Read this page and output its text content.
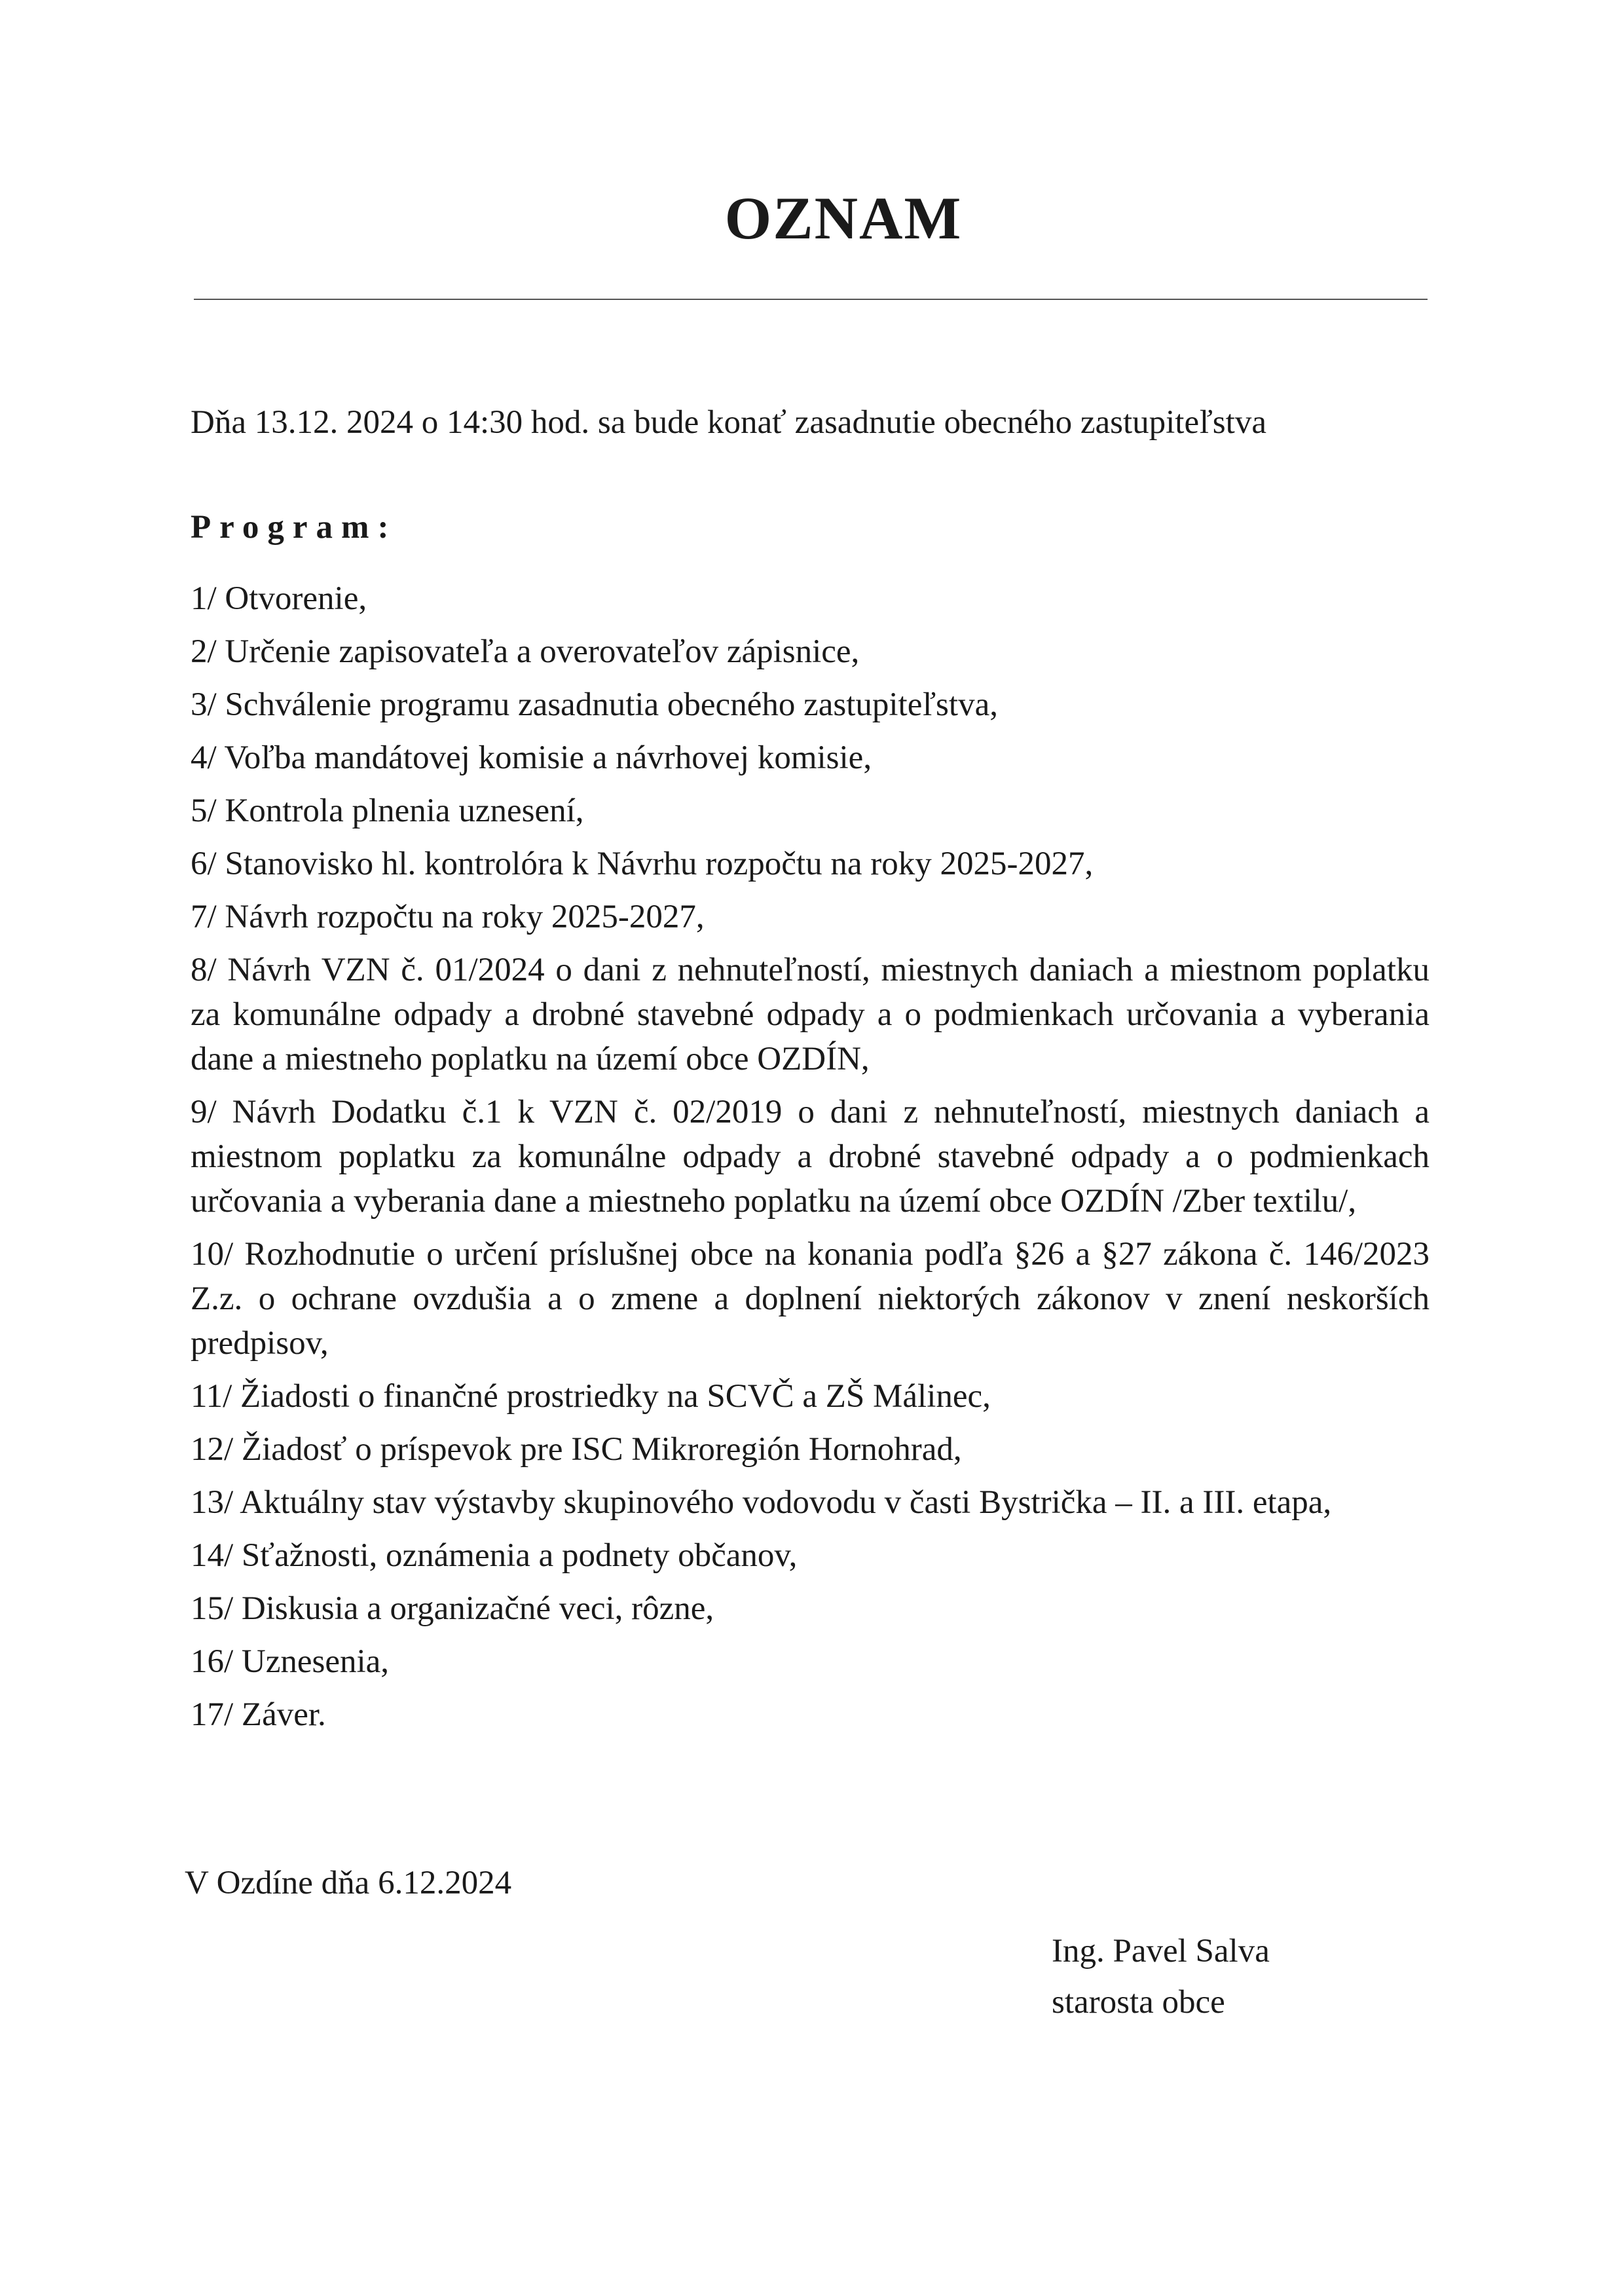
OZNAM
Dňa 13.12. 2024 o 14:30 hod. sa bude konať zasadnutie obecného zastupiteľstva
Program:
1/ Otvorenie,
2/ Určenie zapisovateľa a overovateľov zápisnice,
3/ Schválenie programu zasadnutia obecného zastupiteľstva,
4/ Voľba mandátovej komisie a návrhovej komisie,
5/ Kontrola plnenia uznesení,
6/ Stanovisko hl. kontrolóra k Návrhu rozpočtu na roky 2025-2027,
7/ Návrh rozpočtu na roky 2025-2027,
8/ Návrh VZN č. 01/2024 o dani z nehnuteľností, miestnych daniach a miestnom poplatku za komunálne odpady a drobné stavebné odpady a o podmienkach určovania a vyberania dane a miestneho poplatku na území obce OZDÍN,
9/ Návrh Dodatku č.1 k VZN č. 02/2019 o dani z nehnuteľností, miestnych daniach a miestnom poplatku za komunálne odpady a drobné stavebné odpady a o podmienkach určovania a vyberania dane a miestneho poplatku na území obce OZDÍN /Zber textilu/,
10/ Rozhodnutie o určení príslušnej obce na konania podľa §26 a §27 zákona č. 146/2023 Z.z. o ochrane ovzdušia a o zmene a doplnení niektorých zákonov v znení neskorších predpisov,
11/ Žiadosti o finančné prostriedky na SCVČ a ZŠ Málinec,
12/ Žiadosť o príspevok pre ISC Mikroregión Hornohrad,
13/ Aktuálny stav výstavby skupinového vodovodu v časti Bystrička – II. a III. etapa,
14/ Sťažnosti, oznámenia a podnety občanov,
15/ Diskusia a organizačné veci, rôzne,
16/ Uznesenia,
17/ Záver.
V Ozdíne dňa 6.12.2024
Ing. Pavel Salva
starosta obce
